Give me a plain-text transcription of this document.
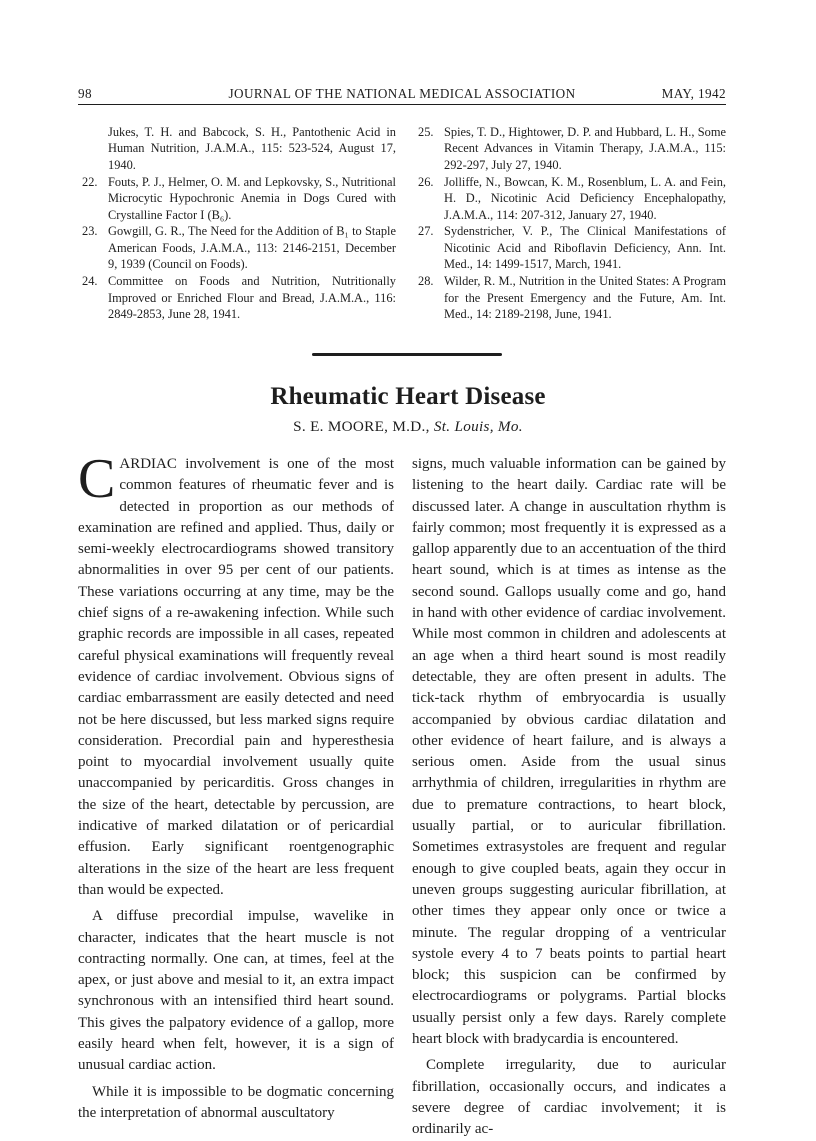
98	JOURNAL OF THE NATIONAL MEDICAL ASSOCIATION	MAY, 1942
Jukes, T. H. and Babcock, S. H., Pantothenic Acid in Human Nutrition, J.A.M.A., 115: 523-524, August 17, 1940.
22. Fouts, P. J., Helmer, O. M. and Lepkovsky, S., Nutritional Microcytic Hypochronic Anemia in Dogs Cured with Crystalline Factor I (B₆).
23. Gowgill, G. R., The Need for the Addition of B₁ to Staple American Foods, J.A.M.A., 113: 2146-2151, December 9, 1939 (Council on Foods).
24. Committee on Foods and Nutrition, Nutritionally Improved or Enriched Flour and Bread, J.A.M.A., 116: 2849-2853, June 28, 1941.
25. Spies, T. D., Hightower, D. P. and Hubbard, L. H., Some Recent Advances in Vitamin Therapy, J.A.M.A., 115: 292-297, July 27, 1940.
26. Jolliffe, N., Bowcan, K. M., Rosenblum, L. A. and Fein, H. D., Nicotinic Acid Deficiency Encephalopathy, J.A.M.A., 114: 207-312, January 27, 1940.
27. Sydenstricher, V. P., The Clinical Manifestations of Nicotinic Acid and Riboflavin Deficiency, Ann. Int. Med., 14: 1499-1517, March, 1941.
28. Wilder, R. M., Nutrition in the United States: A Program for the Present Emergency and the Future, Am. Int. Med., 14: 2189-2198, June, 1941.
Rheumatic Heart Disease
S. E. MOORE, M.D., St. Louis, Mo.

CARDIAC involvement is one of the most common features of rheumatic fever and is detected in proportion as our methods of examination are refined and applied. Thus, daily or semi-weekly electrocardiograms showed transitory abnormalities in over 95 per cent of our patients. These variations occurring at any time, may be the chief signs of a re-awakening infection. While such graphic records are impossible in all cases, repeated careful physical examinations will frequently reveal evidence of cardiac involvement. Obvious signs of cardiac embarrassment are easily detected and need not be here discussed, but less marked signs require consideration. Precordial pain and hyperesthesia point to myocardial involvement usually quite unaccompanied by pericarditis. Gross changes in the size of the heart, detectable by percussion, are indicative of marked dilatation or of pericardial effusion. Early significant roentgenographic alterations in the size of the heart are less frequent than would be expected.

A diffuse precordial impulse, wavelike in character, indicates that the heart muscle is not contracting normally. One can, at times, feel at the apex, or just above and mesial to it, an extra impact synchronous with an intensified third heart sound. This gives the palpatory evidence of a gallop, more easily heard when felt, however, it is a sign of unusual cardiac action.

While it is impossible to be dogmatic concerning the interpretation of abnormal auscultatory

signs, much valuable information can be gained by listening to the heart daily. Cardiac rate will be discussed later. A change in auscultation rhythm is fairly common; most frequently it is expressed as a gallop apparently due to an accentuation of the third heart sound, which is at times as intense as the second sound. Gallops usually come and go, hand in hand with other evidence of cardiac involvement. While most common in children and adolescents at an age when a third heart sound is most readily detectable, they are often present in adults. The tick-tack rhythm of embryocardia is usually accompanied by obvious cardiac dilatation and other evidence of heart failure, and is always a serious omen. Aside from the usual sinus arrhythmia of children, irregularities in rhythm are due to premature contractions, to heart block, usually partial, or to auricular fibrillation. Sometimes extrasystoles are frequent and regular enough to give coupled beats, again they occur in uneven groups suggesting auricular fibrillation, at other times they appear only once or twice a minute. The regular dropping of a ventricular systole every 4 to 7 beats points to partial heart block; this suspicion can be confirmed by electrocardiograms or polygrams. Partial blocks usually persist only a few days. Rarely complete heart block with bradycardia is encountered.

Complete irregularity, due to auricular fibrillation, occasionally occurs, and indicates a severe degree of cardiac involvement; it is ordinarily ac-
